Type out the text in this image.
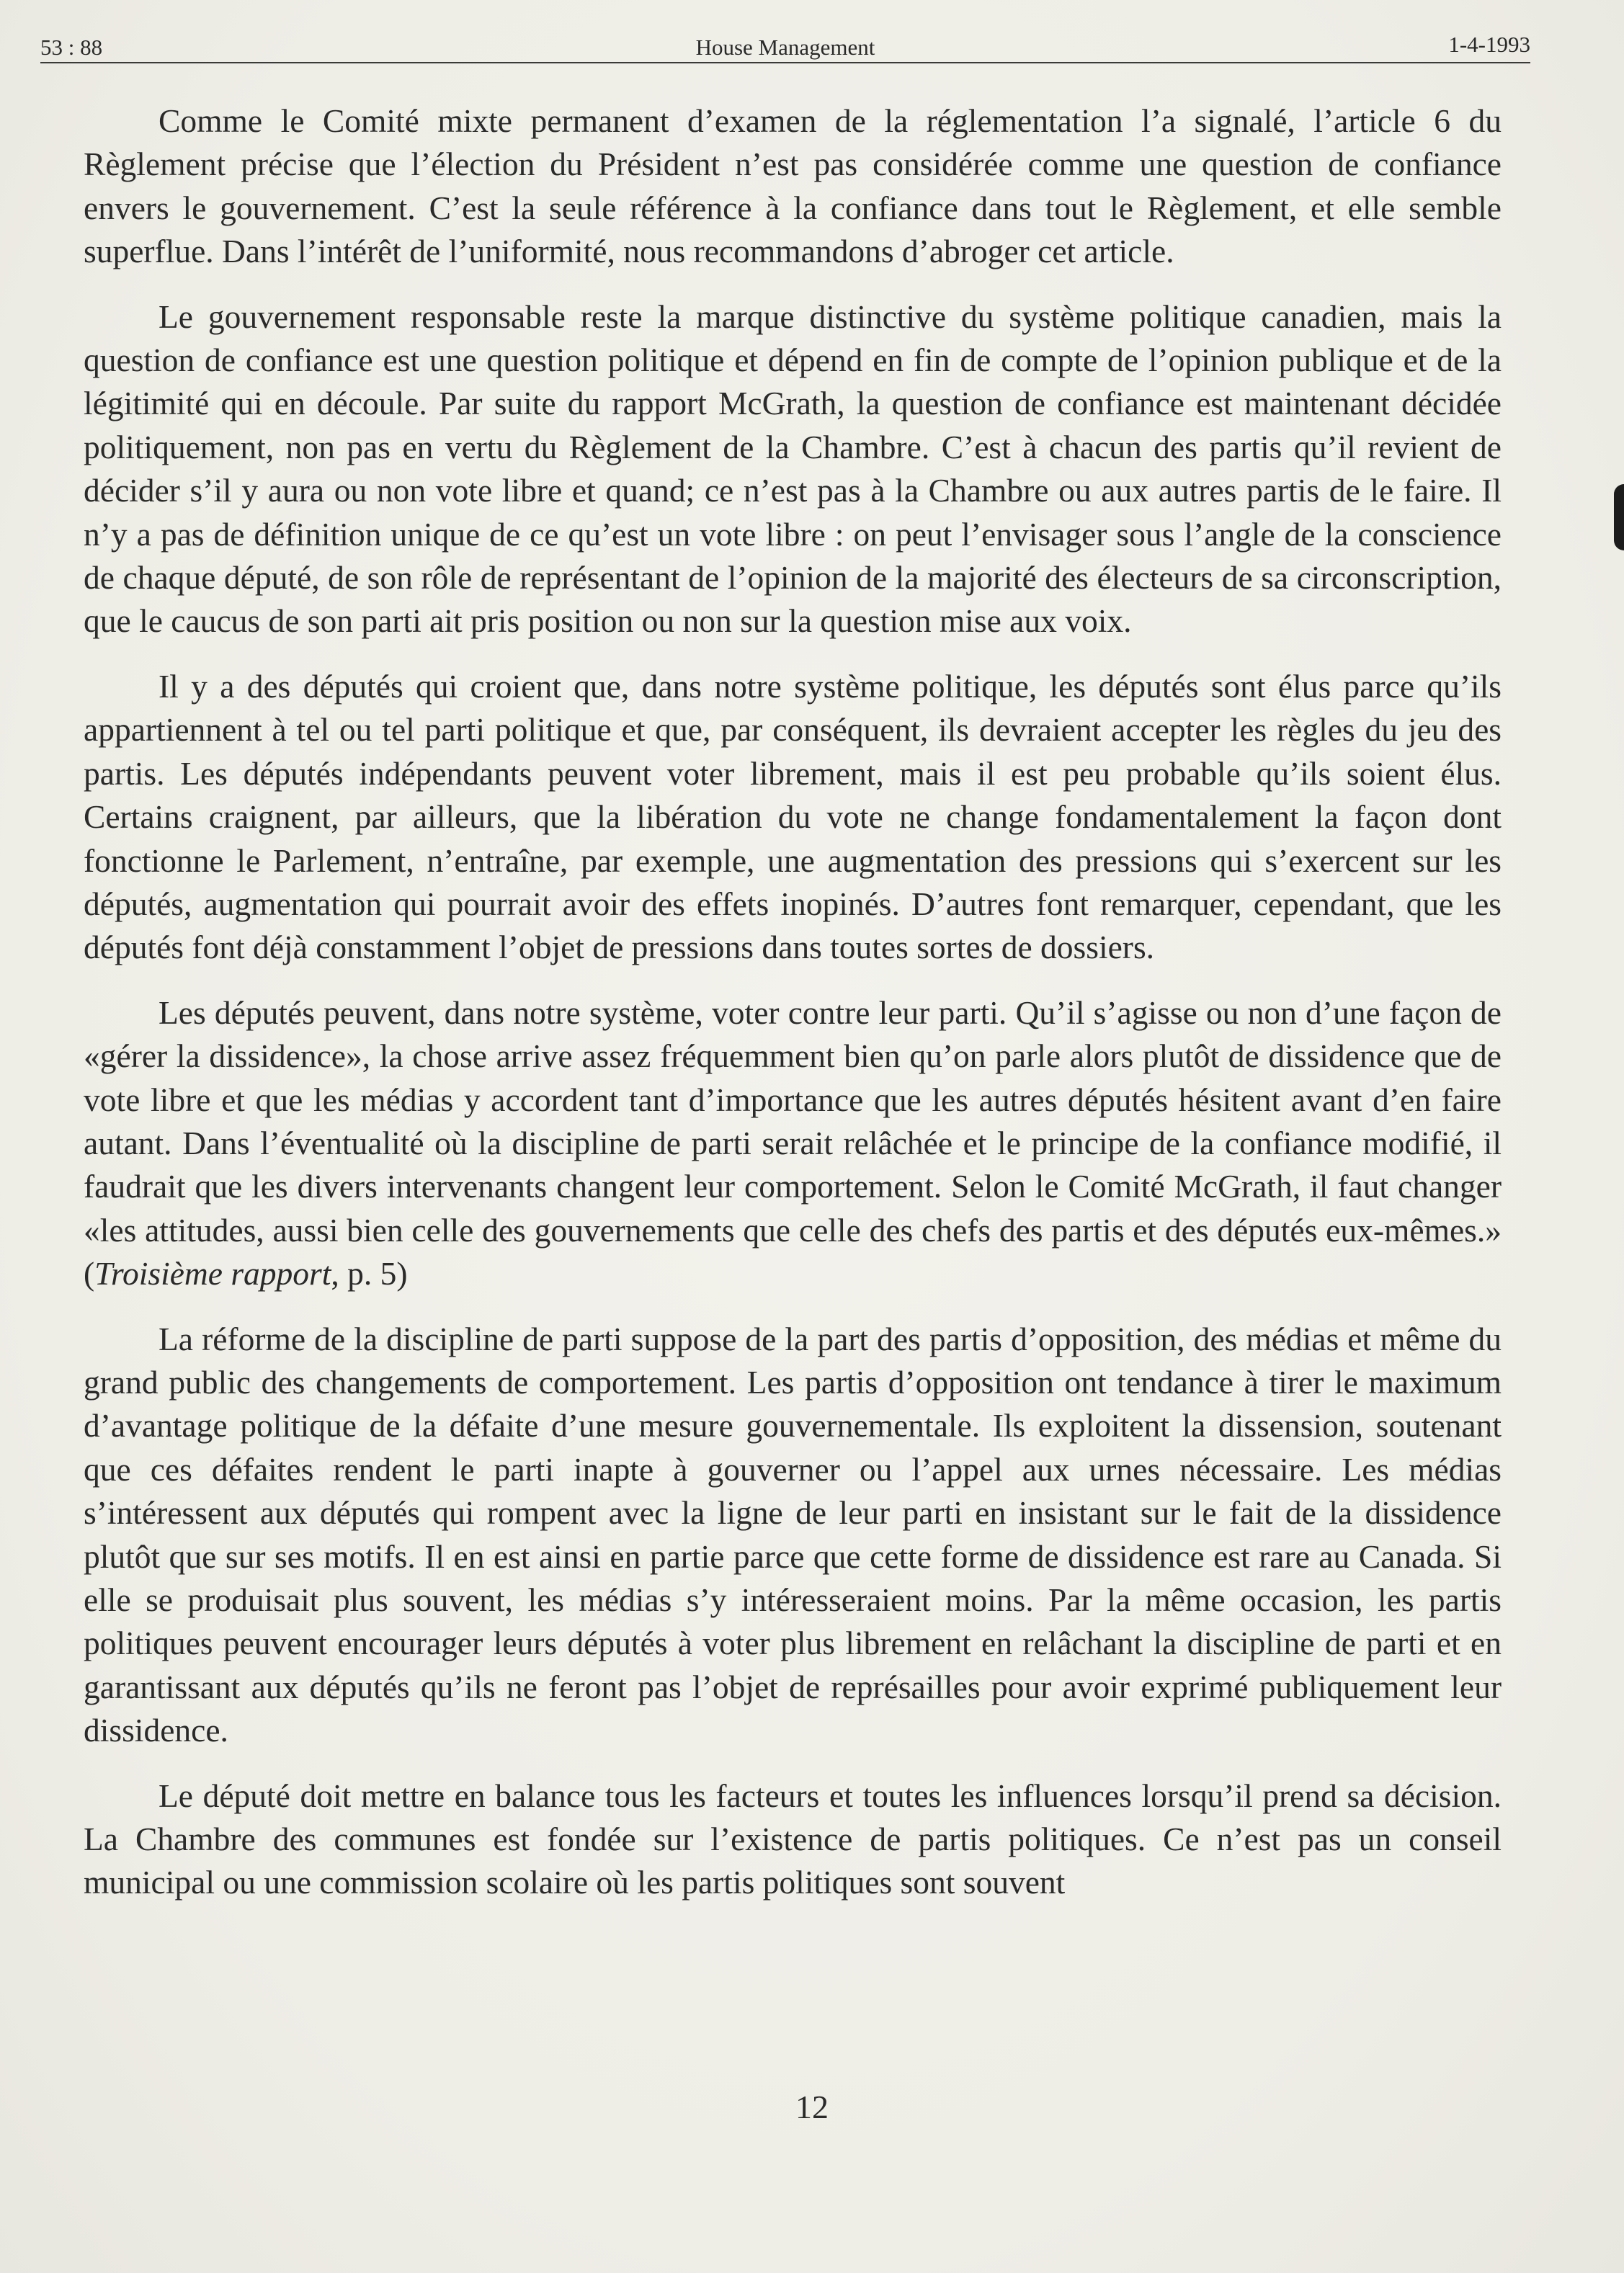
53 : 88	House Management	1-4-1993

Comme le Comité mixte permanent d’examen de la réglementation l’a signalé, l’article 6 du Règlement précise que l’élection du Président n’est pas considérée comme une question de confiance envers le gouvernement. C’est la seule référence à la confiance dans tout le Règlement, et elle semble superflue. Dans l’intérêt de l’uniformité, nous recommandons d’abroger cet article.

Le gouvernement responsable reste la marque distinctive du système politique canadien, mais la question de confiance est une question politique et dépend en fin de compte de l’opinion publique et de la légitimité qui en découle. Par suite du rapport McGrath, la question de confiance est maintenant décidée politiquement, non pas en vertu du Règlement de la Chambre. C’est à chacun des partis qu’il revient de décider s’il y aura ou non vote libre et quand; ce n’est pas à la Chambre ou aux autres partis de le faire. Il n’y a pas de définition unique de ce qu’est un vote libre : on peut l’envisager sous l’angle de la conscience de chaque député, de son rôle de représentant de l’opinion de la majorité des électeurs de sa circonscription, que le caucus de son parti ait pris position ou non sur la question mise aux voix.

Il y a des députés qui croient que, dans notre système politique, les députés sont élus parce qu’ils appartiennent à tel ou tel parti politique et que, par conséquent, ils devraient accepter les règles du jeu des partis. Les députés indépendants peuvent voter librement, mais il est peu probable qu’ils soient élus. Certains craignent, par ailleurs, que la libération du vote ne change fondamentalement la façon dont fonctionne le Parlement, n’entraîne, par exemple, une augmentation des pressions qui s’exercent sur les députés, augmentation qui pourrait avoir des effets inopinés. D’autres font remarquer, cependant, que les députés font déjà constamment l’objet de pressions dans toutes sortes de dossiers.

Les députés peuvent, dans notre système, voter contre leur parti. Qu’il s’agisse ou non d’une façon de «gérer la dissidence», la chose arrive assez fréquemment bien qu’on parle alors plutôt de dissidence que de vote libre et que les médias y accordent tant d’importance que les autres députés hésitent avant d’en faire autant. Dans l’éventualité où la discipline de parti serait relâchée et le principe de la confiance modifié, il faudrait que les divers intervenants changent leur comportement. Selon le Comité McGrath, il faut changer «les attitudes, aussi bien celle des gouvernements que celle des chefs des partis et des députés eux-mêmes.» (Troisième rapport, p. 5)

La réforme de la discipline de parti suppose de la part des partis d’opposition, des médias et même du grand public des changements de comportement. Les partis d’opposition ont tendance à tirer le maximum d’avantage politique de la défaite d’une mesure gouvernementale. Ils exploitent la dissension, soutenant que ces défaites rendent le parti inapte à gouverner ou l’appel aux urnes nécessaire. Les médias s’intéressent aux députés qui rompent avec la ligne de leur parti en insistant sur le fait de la dissidence plutôt que sur ses motifs. Il en est ainsi en partie parce que cette forme de dissidence est rare au Canada. Si elle se produisait plus souvent, les médias s’y intéresseraient moins. Par la même occasion, les partis politiques peuvent encourager leurs députés à voter plus librement en relâchant la discipline de parti et en garantissant aux députés qu’ils ne feront pas l’objet de représailles pour avoir exprimé publiquement leur dissidence.

Le député doit mettre en balance tous les facteurs et toutes les influences lorsqu’il prend sa décision. La Chambre des communes est fondée sur l’existence de partis politiques. Ce n’est pas un conseil municipal ou une commission scolaire où les partis politiques sont souvent

12
